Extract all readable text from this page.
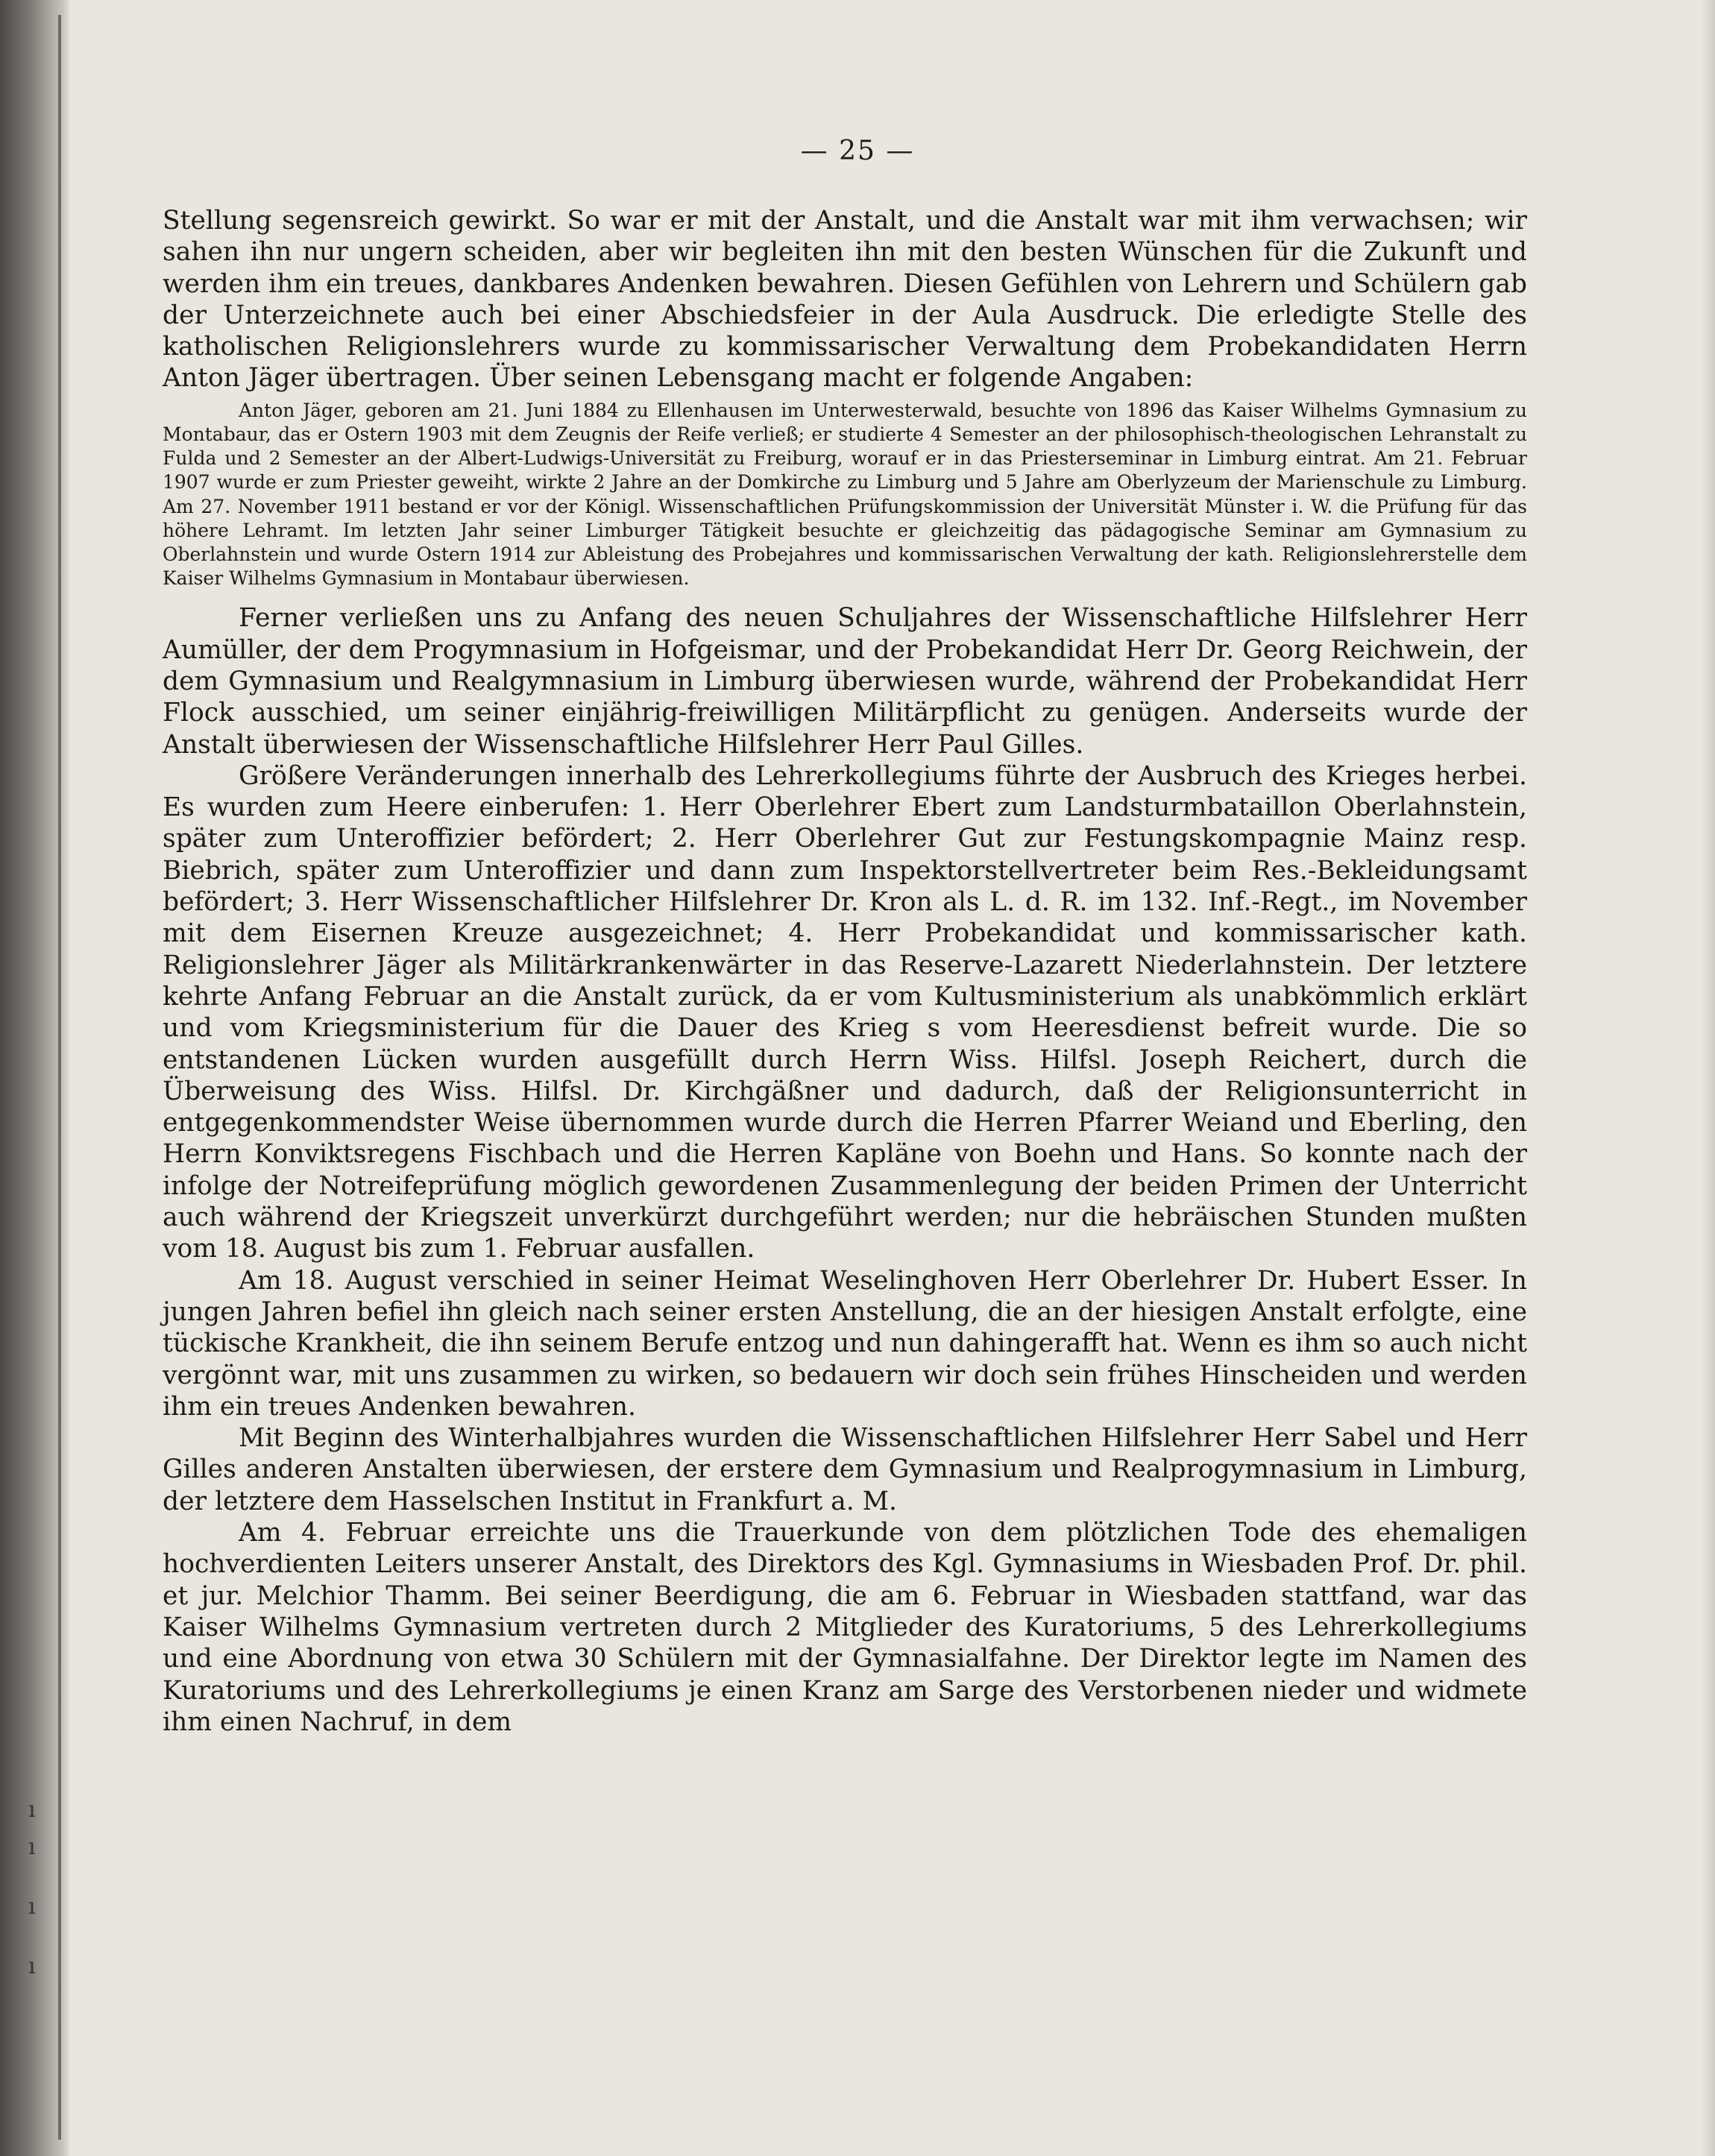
— 25 —

Stellung segensreich gewirkt. So war er mit der Anstalt, und die Anstalt war mit ihm verwachsen; wir sahen ihn nur ungern scheiden, aber wir begleiten ihn mit den besten Wünschen für die Zukunft und werden ihm ein treues, dankbares Andenken bewahren. Diesen Gefühlen von Lehrern und Schülern gab der Unterzeichnete auch bei einer Abschiedsfeier in der Aula Ausdruck. Die erledigte Stelle des katholischen Religionslehrers wurde zu kommissarischer Verwaltung dem Probekandidaten Herrn Anton Jäger übertragen. Über seinen Lebensgang macht er folgende Angaben:

Anton Jäger, geboren am 21. Juni 1884 zu Ellenhausen im Unterwesterwald, besuchte von 1896 das Kaiser Wilhelms Gymnasium zu Montabaur, das er Ostern 1903 mit dem Zeugnis der Reife verließ; er studierte 4 Semester an der philosophisch-theologischen Lehranstalt zu Fulda und 2 Semester an der Albert-Ludwigs-Universität zu Freiburg, worauf er in das Priesterseminar in Limburg eintrat. Am 21. Februar 1907 wurde er zum Priester geweiht, wirkte 2 Jahre an der Domkirche zu Limburg und 5 Jahre am Oberlyzeum der Marienschule zu Limburg. Am 27. November 1911 bestand er vor der Königl. Wissenschaftlichen Prüfungskommission der Universität Münster i. W. die Prüfung für das höhere Lehramt. Im letzten Jahr seiner Limburger Tätigkeit besuchte er gleichzeitig das pädagogische Seminar am Gymnasium zu Oberlahnstein und wurde Ostern 1914 zur Ableistung des Probejahres und kommissarischen Verwaltung der kath. Religionslehrerstelle dem Kaiser Wilhelms Gymnasium in Montabaur überwiesen.

Ferner verließen uns zu Anfang des neuen Schuljahres der Wissenschaftliche Hilfslehrer Herr Aumüller, der dem Progymnasium in Hofgeismar, und der Probekandidat Herr Dr. Georg Reichwein, der dem Gymnasium und Realgymnasium in Limburg überwiesen wurde, während der Probekandidat Herr Flock ausschied, um seiner einjährig-freiwilligen Militärpflicht zu genügen. Anderseits wurde der Anstalt überwiesen der Wissenschaftliche Hilfslehrer Herr Paul Gilles.

Größere Veränderungen innerhalb des Lehrerkollegiums führte der Ausbruch des Krieges herbei. Es wurden zum Heere einberufen: 1. Herr Oberlehrer Ebert zum Landsturmbataillon Oberlahnstein, später zum Unteroffizier befördert; 2. Herr Oberlehrer Gut zur Festungskompagnie Mainz resp. Biebrich, später zum Unteroffizier und dann zum Inspektorstellvertreter beim Res.-Bekleidungsamt befördert; 3. Herr Wissenschaftlicher Hilfslehrer Dr. Kron als L. d. R. im 132. Inf.-Regt., im November mit dem Eisernen Kreuze ausgezeichnet; 4. Herr Probekandidat und kommissarischer kath. Religionslehrer Jäger als Militärkrankenwärter in das Reserve-Lazarett Niederlahnstein. Der letztere kehrte Anfang Februar an die Anstalt zurück, da er vom Kultusministerium als unabkömmlich erklärt und vom Kriegsministerium für die Dauer des Krieg s vom Heeresdienst befreit wurde. Die so entstandenen Lücken wurden ausgefüllt durch Herrn Wiss. Hilfsl. Joseph Reichert, durch die Überweisung des Wiss. Hilfsl. Dr. Kirchgäßner und dadurch, daß der Religionsunterricht in entgegenkommendster Weise übernommen wurde durch die Herren Pfarrer Weiand und Eberling, den Herrn Konviktsregens Fischbach und die Herren Kapläne von Boehn und Hans. So konnte nach der infolge der Notreifeprüfung möglich gewordenen Zusammenlegung der beiden Primen der Unterricht auch während der Kriegszeit unverkürzt durchgeführt werden; nur die hebräischen Stunden mußten vom 18. August bis zum 1. Februar ausfallen.

Am 18. August verschied in seiner Heimat Weselinghoven Herr Oberlehrer Dr. Hubert Esser. In jungen Jahren befiel ihn gleich nach seiner ersten Anstellung, die an der hiesigen Anstalt erfolgte, eine tückische Krankheit, die ihn seinem Berufe entzog und nun dahingerafft hat. Wenn es ihm so auch nicht vergönnt war, mit uns zusammen zu wirken, so bedauern wir doch sein frühes Hinscheiden und werden ihm ein treues Andenken bewahren.

Mit Beginn des Winterhalbjahres wurden die Wissenschaftlichen Hilfslehrer Herr Sabel und Herr Gilles anderen Anstalten überwiesen, der erstere dem Gymnasium und Realprogymnasium in Limburg, der letztere dem Hasselschen Institut in Frankfurt a. M.

Am 4. Februar erreichte uns die Trauerkunde von dem plötzlichen Tode des ehemaligen hochverdienten Leiters unserer Anstalt, des Direktors des Kgl. Gymnasiums in Wiesbaden Prof. Dr. phil. et jur. Melchior Thamm. Bei seiner Beerdigung, die am 6. Februar in Wiesbaden stattfand, war das Kaiser Wilhelms Gymnasium vertreten durch 2 Mitglieder des Kuratoriums, 5 des Lehrerkollegiums und eine Abordnung von etwa 30 Schülern mit der Gymnasialfahne. Der Direktor legte im Namen des Kuratoriums und des Lehrerkollegiums je einen Kranz am Sarge des Verstorbenen nieder und widmete ihm einen Nachruf, in dem

ı
ı
ı
ı
